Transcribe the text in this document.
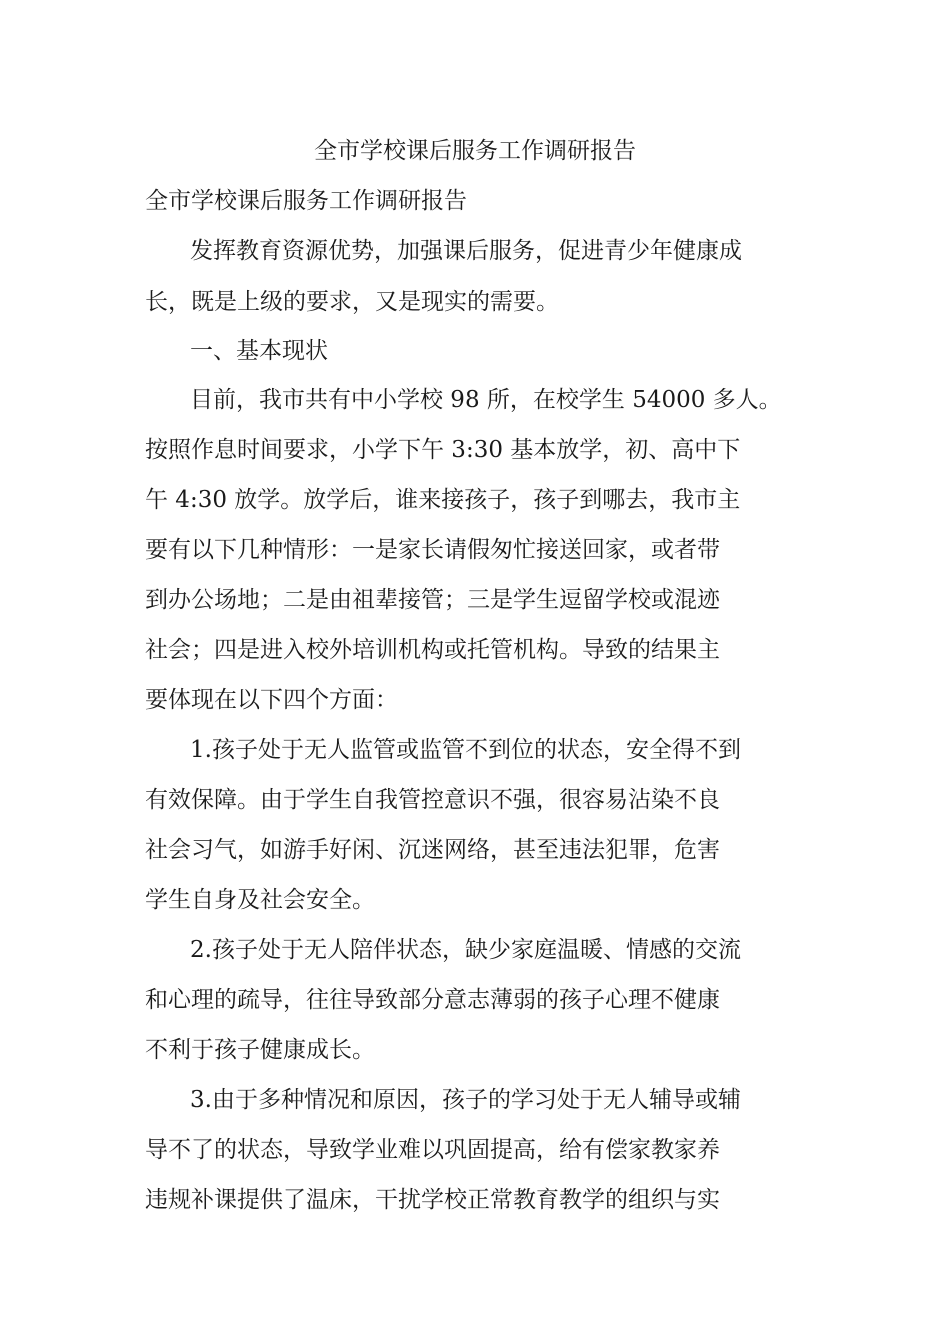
全市学校课后服务工作调研报告
全市学校课后服务工作调研报告

发挥教育资源优势，加强课后服务，促进青少年健康成

长，既是上级的要求，又是现实的需要。

一、基本现状

目前，我市共有中小学校 98 所，在校学生 54000 多人。

按照作息时间要求，小学下午 3:30 基本放学，初、高中下

午 4:30 放学。放学后，谁来接孩子，孩子到哪去，我市主

要有以下几种情形：一是家长请假匆忙接送回家，或者带

到办公场地；二是由祖辈接管；三是学生逗留学校或混迹

社会；四是进入校外培训机构或托管机构。导致的结果主

要体现在以下四个方面：

1.孩子处于无人监管或监管不到位的状态，安全得不到

有效保障。由于学生自我管控意识不强，很容易沾染不良

社会习气，如游手好闲、沉迷网络，甚至违法犯罪，危害

学生自身及社会安全。

2.孩子处于无人陪伴状态，缺少家庭温暖、情感的交流

和心理的疏导，往往导致部分意志薄弱的孩子心理不健康

不利于孩子健康成长。

3.由于多种情况和原因，孩子的学习处于无人辅导或辅

导不了的状态，导致学业难以巩固提高，给有偿家教家养

违规补课提供了温床，干扰学校正常教育教学的组织与实
